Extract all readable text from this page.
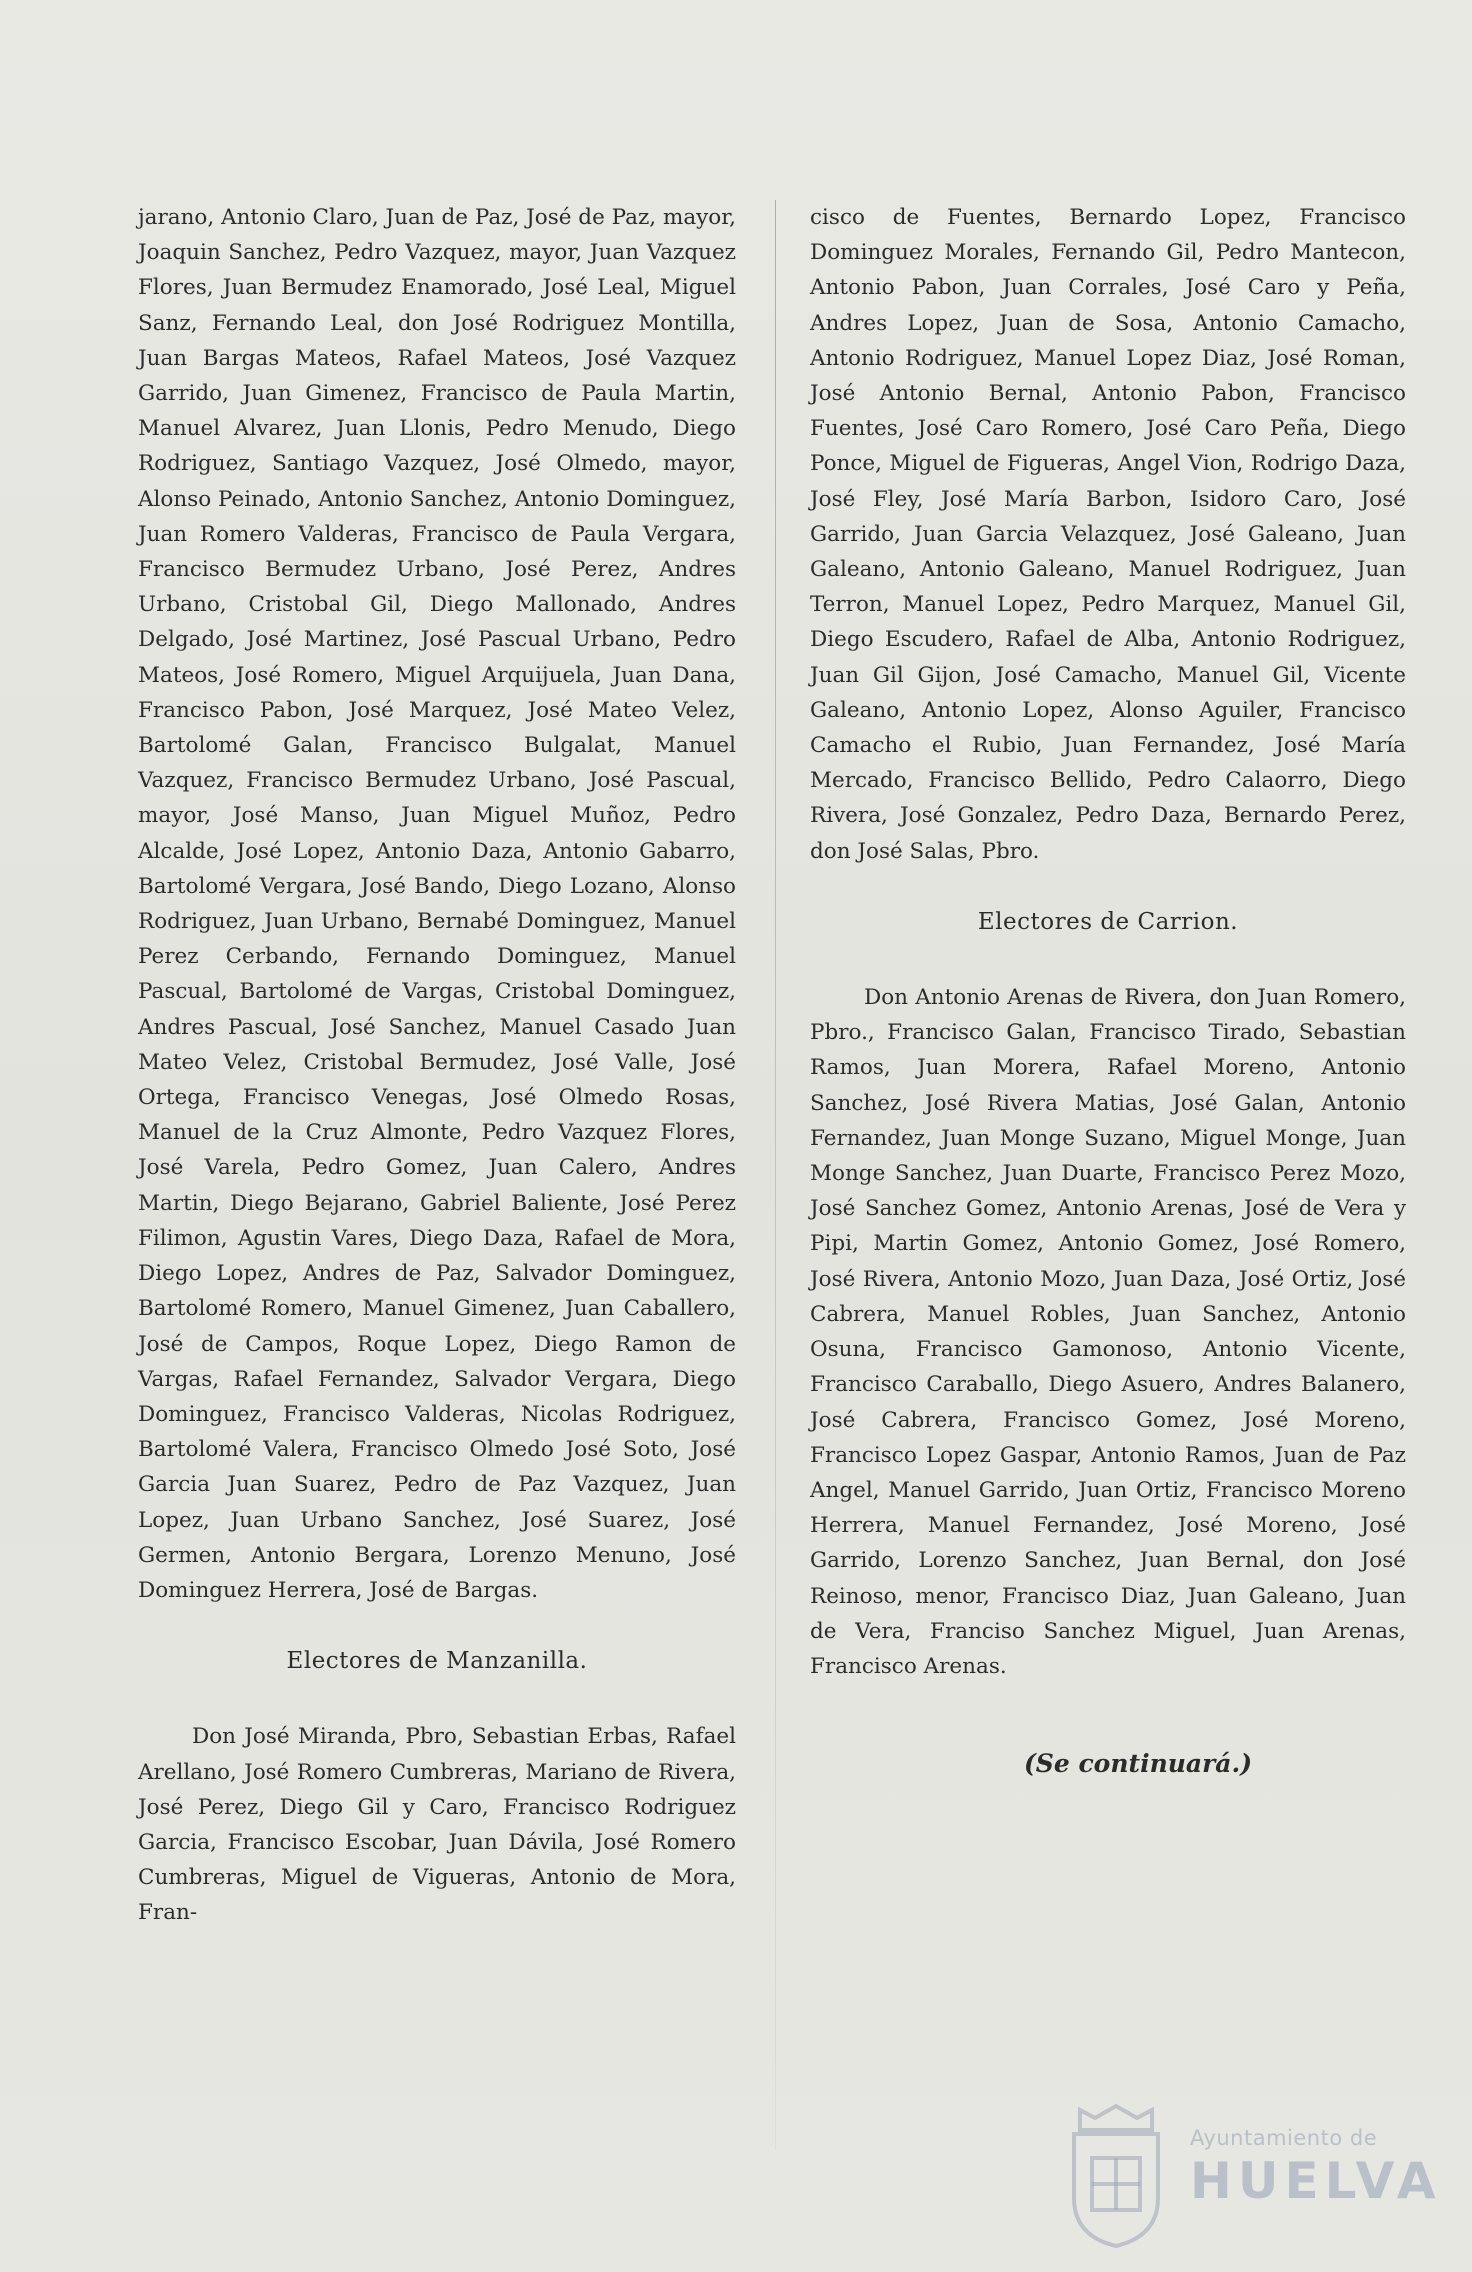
jarano, Antonio Claro, Juan de Paz, José de Paz, mayor, Joaquin Sanchez, Pedro Vazquez, mayor, Juan Vazquez Flores, Juan Bermudez Enamorado, José Leal, Miguel Sanz, Fernando Leal, don José Rodriguez Montilla, Juan Bargas Mateos, Rafael Mateos, José Vazquez Garrido, Juan Gimenez, Francisco de Paula Martin, Manuel Alvarez, Juan Llonis, Pedro Menudo, Diego Rodriguez, Santiago Vazquez, José Olmedo, mayor, Alonso Peinado, Antonio Sanchez, Antonio Dominguez, Juan Romero Valderas, Francisco de Paula Vergara, Francisco Bermudez Urbano, José Perez, Andres Urbano, Cristobal Gil, Diego Mallonado, Andres Delgado, José Martinez, José Pascual Urbano, Pedro Mateos, José Romero, Miguel Arquijuela, Juan Dana, Francisco Pabon, José Marquez, José Mateo Velez, Bartolomé Galan, Francisco Bulgalat, Manuel Vazquez, Francisco Bermudez Urbano, José Pascual, mayor, José Manso, Juan Miguel Muñoz, Pedro Alcalde, José Lopez, Antonio Daza, Antonio Gabarro, Bartolomé Vergara, José Bando, Diego Lozano, Alonso Rodriguez, Juan Urbano, Bernabé Dominguez, Manuel Perez Cerbando, Fernando Dominguez, Manuel Pascual, Bartolomé de Vargas, Cristobal Dominguez, Andres Pascual, José Sanchez, Manuel Casado Juan Mateo Velez, Cristobal Bermudez, José Valle, José Ortega, Francisco Venegas, José Olmedo Rosas, Manuel de la Cruz Almonte, Pedro Vazquez Flores, José Varela, Pedro Gomez, Juan Calero, Andres Martin, Diego Bejarano, Gabriel Baliente, José Perez Filimon, Agustin Vares, Diego Daza, Rafael de Mora, Diego Lopez, Andres de Paz, Salvador Dominguez, Bartolomé Romero, Manuel Gimenez, Juan Caballero, José de Campos, Roque Lopez, Diego Ramon de Vargas, Rafael Fernandez, Salvador Vergara, Diego Dominguez, Francisco Valderas, Nicolas Rodriguez, Bartolomé Valera, Francisco Olmedo José Soto, José Garcia Juan Suarez, Pedro de Paz Vazquez, Juan Lopez, Juan Urbano Sanchez, José Suarez, José Germen, Antonio Bergara, Lorenzo Menuno, José Dominguez Herrera, José de Bargas.

Electores de Manzanilla.

Don José Miranda, Pbro, Sebastian Erbas, Rafael Arellano, José Romero Cumbreras, Mariano de Rivera, José Perez, Diego Gil y Caro, Francisco Rodriguez Garcia, Francisco Escobar, Juan Dávila, José Romero Cumbreras, Miguel de Vigueras, Antonio de Mora, Fran-

cisco de Fuentes, Bernardo Lopez, Francisco Dominguez Morales, Fernando Gil, Pedro Mantecon, Antonio Pabon, Juan Corrales, José Caro y Peña, Andres Lopez, Juan de Sosa, Antonio Camacho, Antonio Rodriguez, Manuel Lopez Diaz, José Roman, José Antonio Bernal, Antonio Pabon, Francisco Fuentes, José Caro Romero, José Caro Peña, Diego Ponce, Miguel de Figueras, Angel Vion, Rodrigo Daza, José Fley, José María Barbon, Isidoro Caro, José Garrido, Juan Garcia Velazquez, José Galeano, Juan Galeano, Antonio Galeano, Manuel Rodriguez, Juan Terron, Manuel Lopez, Pedro Marquez, Manuel Gil, Diego Escudero, Rafael de Alba, Antonio Rodriguez, Juan Gil Gijon, José Camacho, Manuel Gil, Vicente Galeano, Antonio Lopez, Alonso Aguiler, Francisco Camacho el Rubio, Juan Fernandez, José María Mercado, Francisco Bellido, Pedro Calaorro, Diego Rivera, José Gonzalez, Pedro Daza, Bernardo Perez, don José Salas, Pbro.

Electores de Carrion.

Don Antonio Arenas de Rivera, don Juan Romero, Pbro., Francisco Galan, Francisco Tirado, Sebastian Ramos, Juan Morera, Rafael Moreno, Antonio Sanchez, José Rivera Matias, José Galan, Antonio Fernandez, Juan Monge Suzano, Miguel Monge, Juan Monge Sanchez, Juan Duarte, Francisco Perez Mozo, José Sanchez Gomez, Antonio Arenas, José de Vera y Pipi, Martin Gomez, Antonio Gomez, José Romero, José Rivera, Antonio Mozo, Juan Daza, José Ortiz, José Cabrera, Manuel Robles, Juan Sanchez, Antonio Osuna, Francisco Gamonoso, Antonio Vicente, Francisco Caraballo, Diego Asuero, Andres Balanero, José Cabrera, Francisco Gomez, José Moreno, Francisco Lopez Gaspar, Antonio Ramos, Juan de Paz Angel, Manuel Garrido, Juan Ortiz, Francisco Moreno Herrera, Manuel Fernandez, José Moreno, José Garrido, Lorenzo Sanchez, Juan Bernal, don José Reinoso, menor, Francisco Diaz, Juan Galeano, Juan de Vera, Franciso Sanchez Miguel, Juan Arenas, Francisco Arenas.

(Se continuará.)
Ayuntamiento de
HUELVA
